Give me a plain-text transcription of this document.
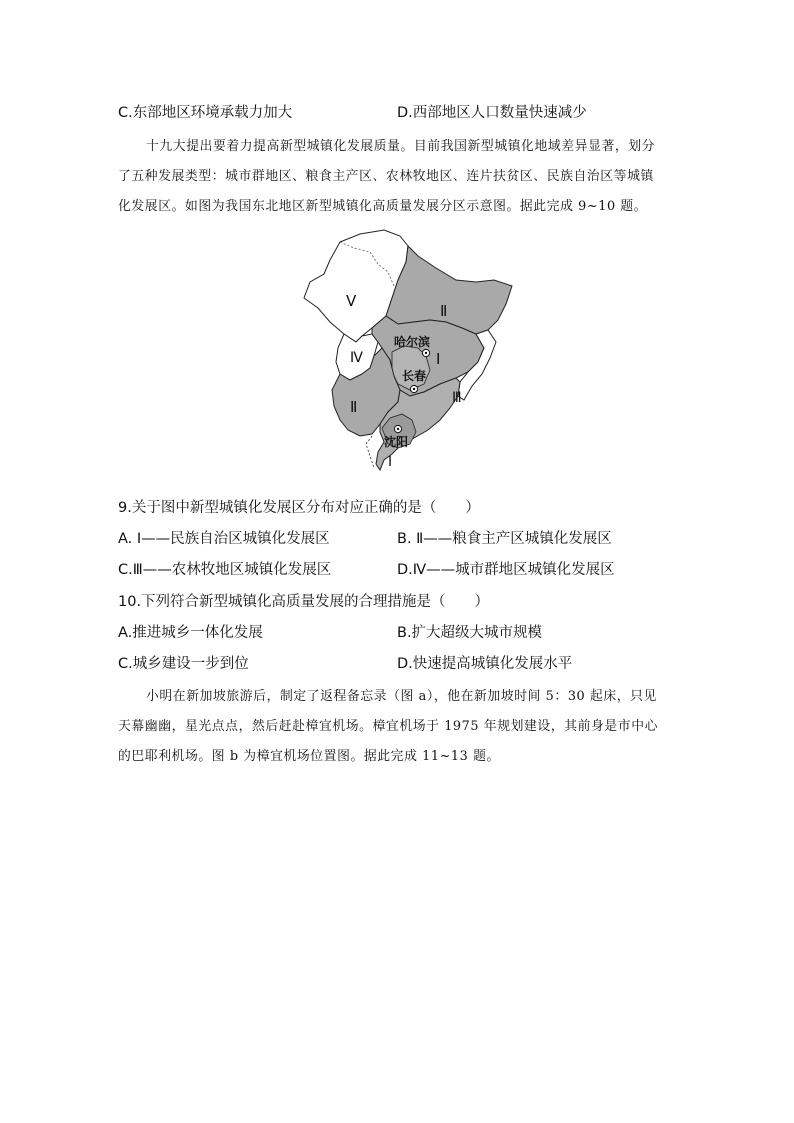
C.东部地区环境承载力加大	D.西部地区人口数量快速减少
十九大提出要着力提高新型城镇化发展质量。目前我国新型城镇化地域差异显著，划分
了五种发展类型：城市群地区、粮食主产区、农林牧地区、连片扶贫区、民族自治区等城镇
化发展区。如图为我国东北地区新型城镇化高质量发展分区示意图。据此完成 9~10 题。
Ⅴ
Ⅱ
Ⅳ	Ⅰ
Ⅱ	Ⅲ
Ⅰ
哈尔滨
长春
沈阳
9.关于图中新型城镇化发展区分布对应正确的是（　　）
A. Ⅰ——民族自治区城镇化发展区	B. Ⅱ——粮食主产区城镇化发展区
C.Ⅲ——农林牧地区城镇化发展区	D.Ⅳ——城市群地区城镇化发展区
10.下列符合新型城镇化高质量发展的合理措施是（　　）
A.推进城乡一体化发展	B.扩大超级大城市规模
C.城乡建设一步到位	D.快速提高城镇化发展水平
小明在新加坡旅游后，制定了返程备忘录（图 a），他在新加坡时间 5：30 起床，只见
天幕幽幽，星光点点，然后赶赴樟宜机场。樟宜机场于 1975 年规划建设，其前身是市中心
的巴耶利机场。图 b 为樟宜机场位置图。据此完成 11~13 题。
